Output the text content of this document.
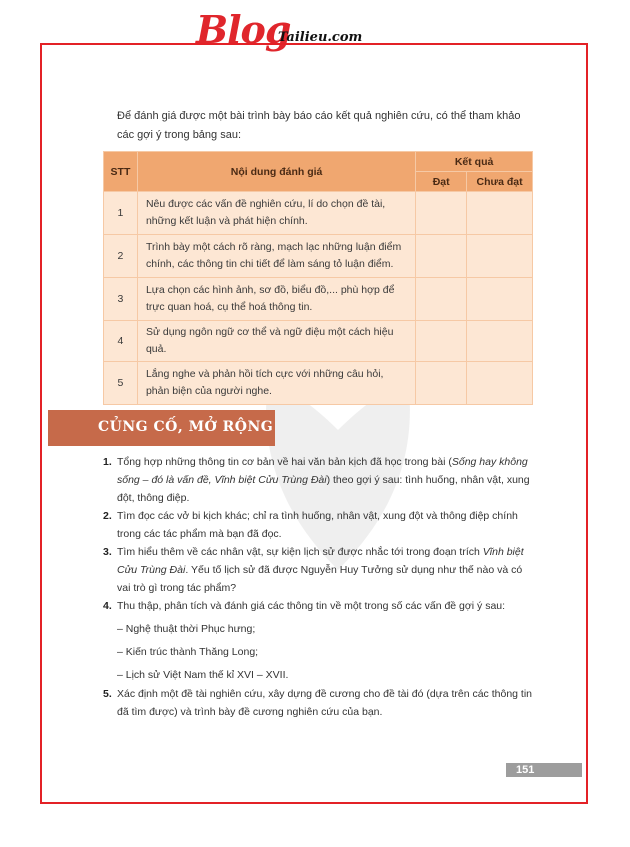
Blog
Tailieu.com
Để đánh giá được một bài trình bày báo cáo kết quả nghiên cứu, có thể tham khảo các gợi ý trong bảng sau:
STT	Nội dung đánh giá	Kết quả	
		Đạt	Chưa đạt
1	Nêu được các vấn đề nghiên cứu, lí do chọn đề tài, những kết luận và phát hiện chính.		
2	Trình bày một cách rõ ràng, mạch lạc những luận điểm chính, các thông tin chi tiết để làm sáng tỏ luận điểm.		
3	Lựa chọn các hình ảnh, sơ đồ, biểu đồ,... phù hợp để trực quan hoá, cụ thể hoá thông tin.		
4	Sử dụng ngôn ngữ cơ thể và ngữ điệu một cách hiệu quả.		
5	Lắng nghe và phản hồi tích cực với những câu hỏi, phản biện của người nghe.		
CỦNG CỐ, MỞ RỘNG
1. Tổng hợp những thông tin cơ bản về hai văn bản kịch đã học trong bài (Sống hay không sống – đó là vấn đề, Vĩnh biệt Cửu Trùng Đài) theo gợi ý sau: tình huống, nhân vật, xung đột, thông điệp.
2. Tìm đọc các vở bi kịch khác; chỉ ra tình huống, nhân vật, xung đột và thông điệp chính trong các tác phẩm mà bạn đã đọc.
3. Tìm hiểu thêm về các nhân vật, sự kiện lịch sử được nhắc tới trong đoạn trích Vĩnh biệt Cửu Trùng Đài. Yếu tố lịch sử đã được Nguyễn Huy Tưởng sử dụng như thế nào và có vai trò gì trong tác phẩm?
4. Thu thập, phân tích và đánh giá các thông tin về một trong số các vấn đề gợi ý sau:
– Nghệ thuật thời Phục hưng;
– Kiến trúc thành Thăng Long;
– Lịch sử Việt Nam thế kỉ XVI – XVII.
5. Xác định một đề tài nghiên cứu, xây dựng đề cương cho đề tài đó (dựa trên các thông tin đã tìm được) và trình bày đề cương nghiên cứu của bạn.
151
